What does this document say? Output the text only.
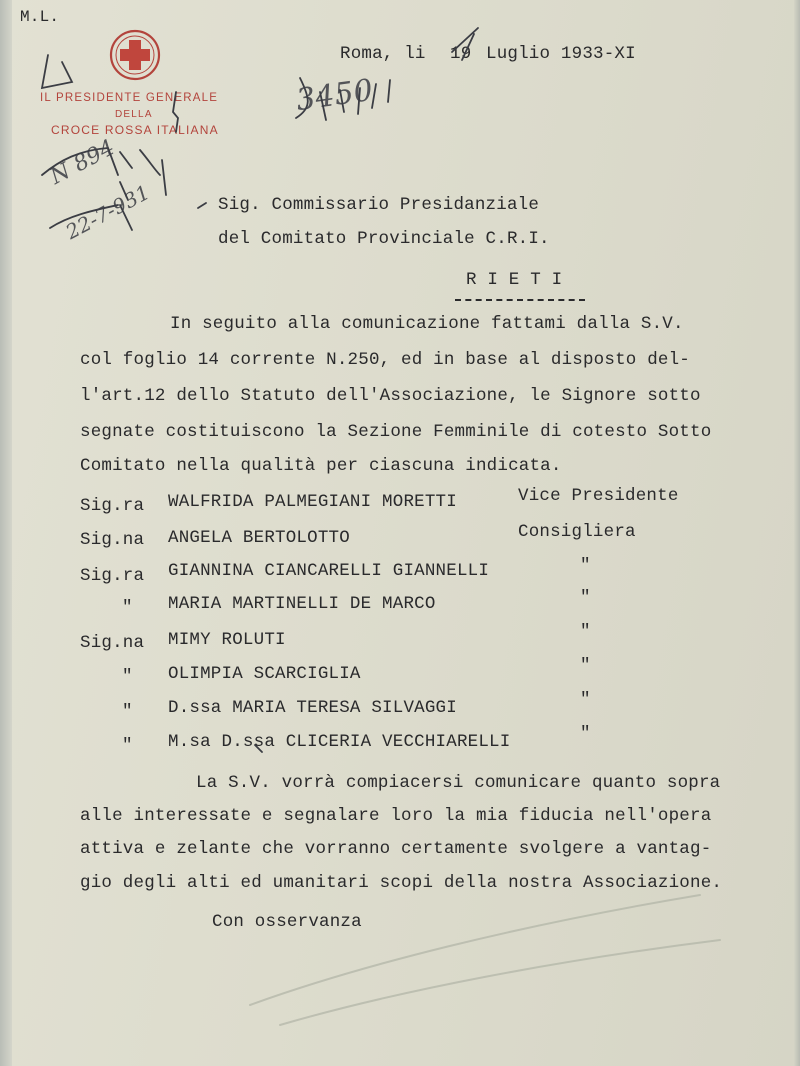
M.L.
IL PRESIDENTE GENERALE
DELLA
CROCE ROSSA ITALIANA
Roma, li 19 Luglio 1933-XI
3450
N 894
22-7-931	Sig. Commissario Presidanziale
del Comitato Provinciale C.R.I.
R I E T I
In seguito alla comunicazione fattami dalla S.V.
col foglio 14 corrente N.250, ed in base al disposto del-
l'art.12 dello Statuto dell'Associazione, le Signore sotto
segnate costituiscono la Sezione Femminile di cotesto Sotto
Comitato nella qualità per ciascuna indicata.
Sig.ra WALFRIDA PALMEGIANI MORETTI	Vice Presidente
Sig.na ANGELA BERTOLOTTO	Consigliera
Sig.ra GIANNINA CIANCARELLI GIANNELLI	"
" MARIA MARTINELLI DE MARCO	"
Sig.na MIMY ROLUTI	"
" OLIMPIA SCARCIGLIA	"
" D.ssa MARIA TERESA SILVAGGI	"
" M.sa D.ssa CLICERIA VECCHIARELLI	"
La S.V. vorrà compiacersi comunicare quanto sopra
alle interessate e segnalare loro la mia fiducia nell'opera
attiva e zelante che vorranno certamente svolgere a vantag-
gio degli alti ed umanitari scopi della nostra Associazione.
Con osservanza
